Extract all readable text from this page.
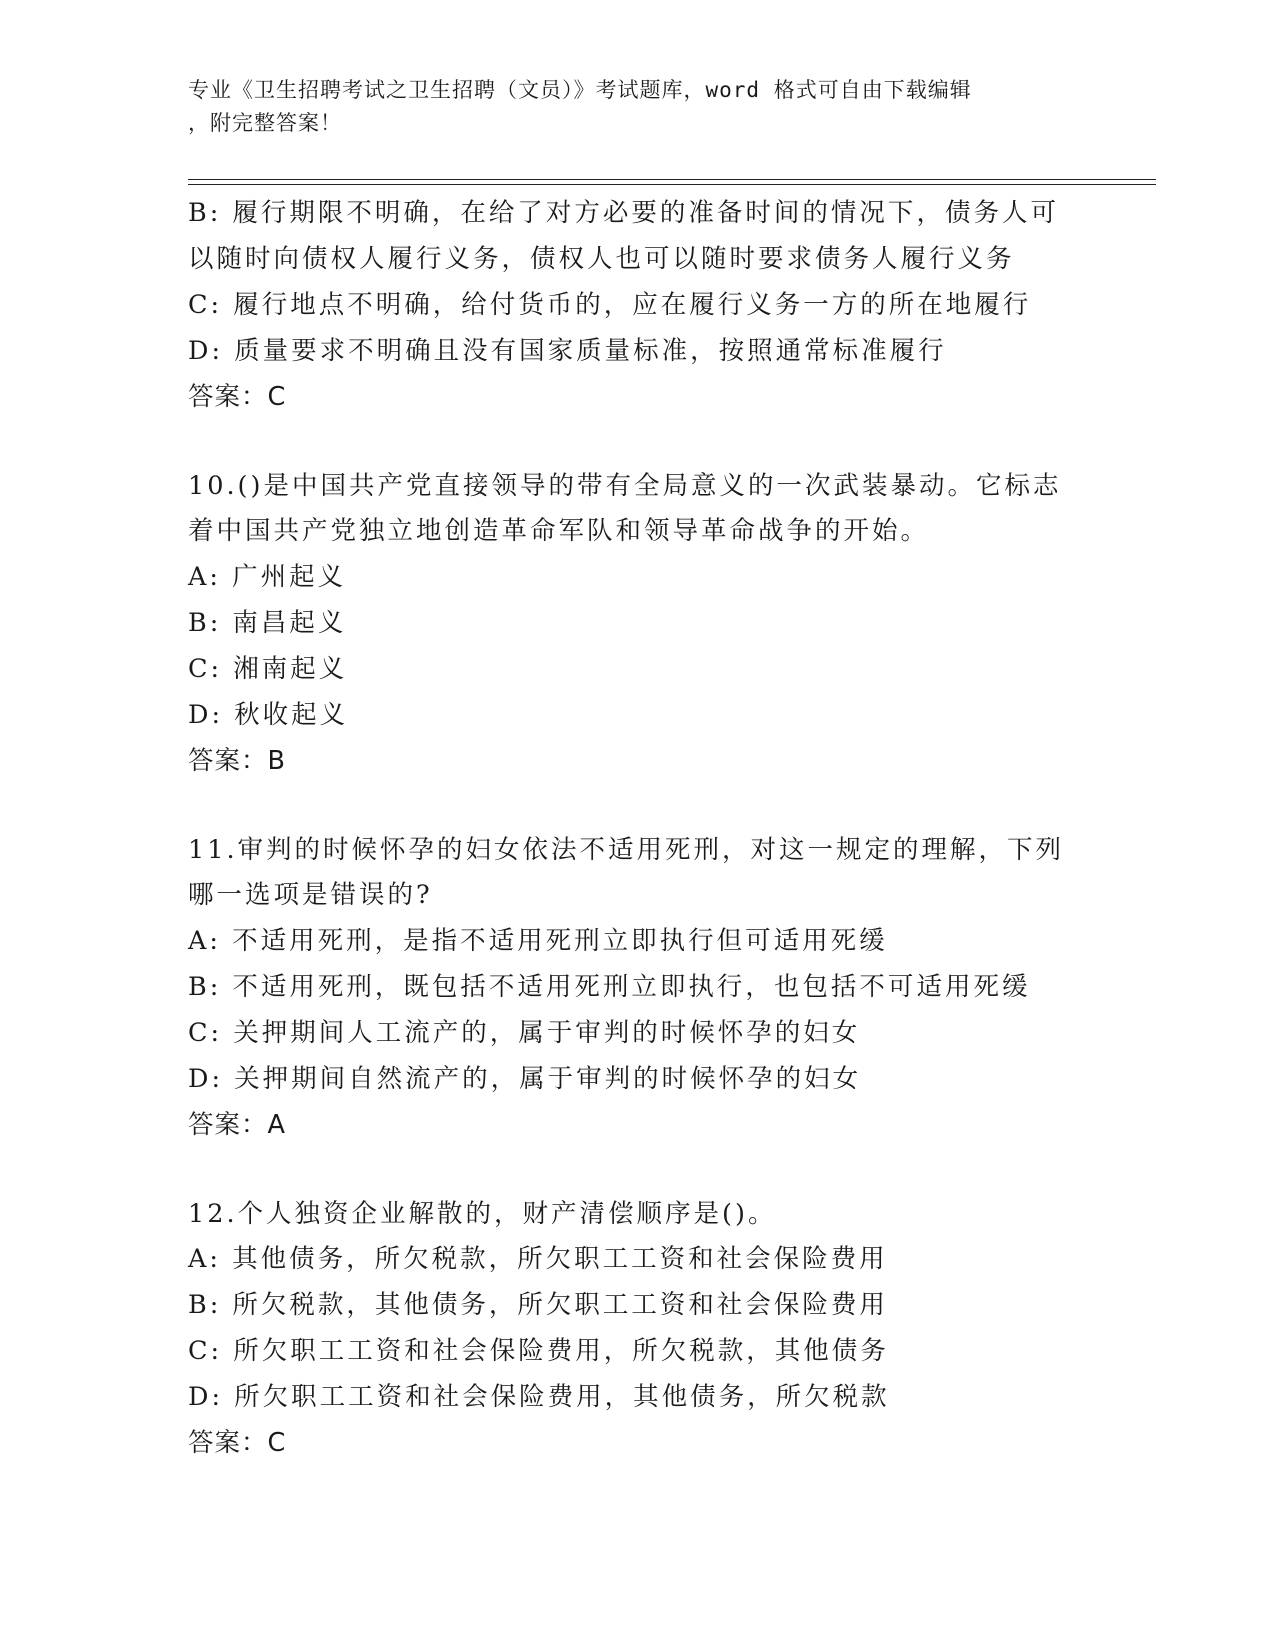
专业《卫生招聘考试之卫生招聘（文员）》考试题库，word 格式可自由下载编辑
，附完整答案！
B: 履行期限不明确，在给了对方必要的准备时间的情况下，债务人可
以随时向债权人履行义务，债权人也可以随时要求债务人履行义务
C: 履行地点不明确，给付货币的，应在履行义务一方的所在地履行
D: 质量要求不明确且没有国家质量标准，按照通常标准履行
答案：C
10.()是中国共产党直接领导的带有全局意义的一次武装暴动。它标志
着中国共产党独立地创造革命军队和领导革命战争的开始。
A: 广州起义
B: 南昌起义
C: 湘南起义
D: 秋收起义
答案：B
11.审判的时候怀孕的妇女依法不适用死刑，对这一规定的理解，下列
哪一选项是错误的?
A: 不适用死刑，是指不适用死刑立即执行但可适用死缓
B: 不适用死刑，既包括不适用死刑立即执行，也包括不可适用死缓
C: 关押期间人工流产的，属于审判的时候怀孕的妇女
D: 关押期间自然流产的，属于审判的时候怀孕的妇女
答案：A
12.个人独资企业解散的，财产清偿顺序是()。
A: 其他债务，所欠税款，所欠职工工资和社会保险费用
B: 所欠税款，其他债务，所欠职工工资和社会保险费用
C: 所欠职工工资和社会保险费用，所欠税款，其他债务
D: 所欠职工工资和社会保险费用，其他债务，所欠税款
答案：C
